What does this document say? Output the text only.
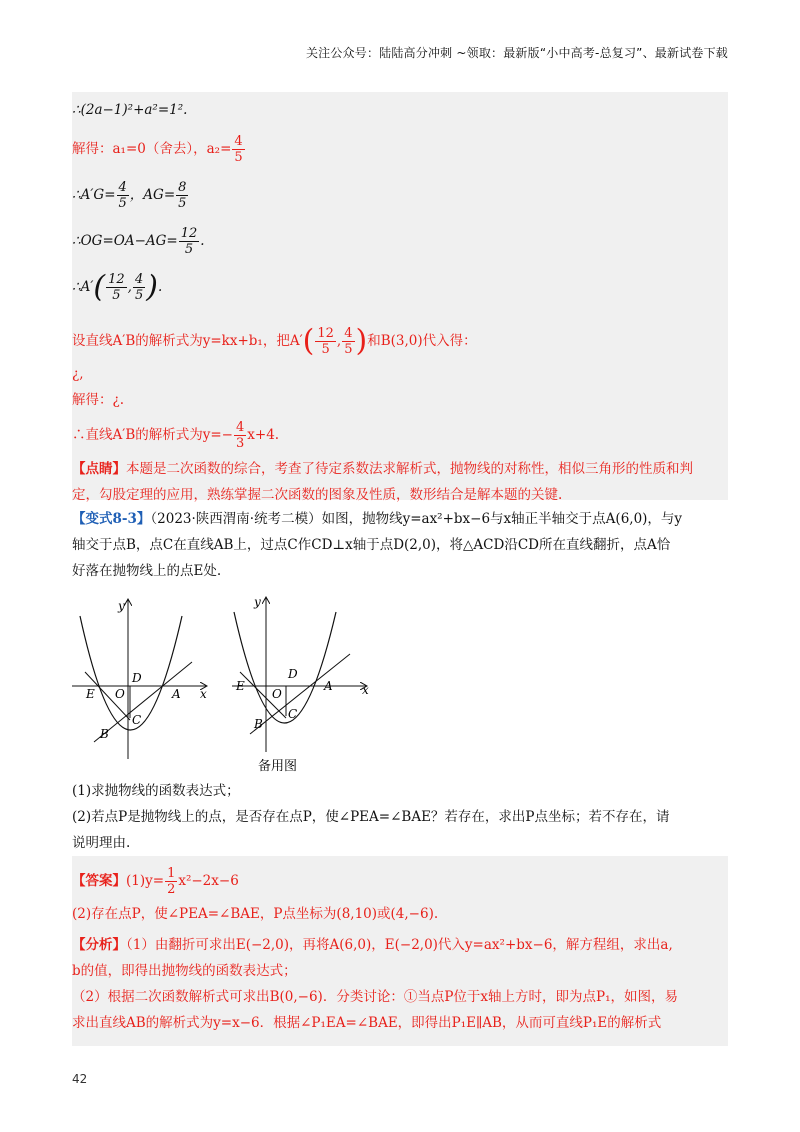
关注公众号：陆陆高分冲刺 ~领取：最新版“小中高考-总复习”、最新试卷下载
∴(2a−1)²+a²=1².
解得：a₁=0（舍去），$a_2= \frac{4}{5}$
∴A′G= $\frac{4}{5}$ ，$AG= \frac{8}{5}$
∴OG=OA−AG= $\frac{12}{5}$ .
∴A′( $\frac{12}{5}$ , $\frac{4}{5}$ ).
设直线A′B的解析式为y=kx+b₁，把$A'( \frac{12}{5}$ , $\frac{4}{5}$ )和B(3,0)代入得：
¿,
解得：¿.
∴直线A′B的解析式为$y=- \frac{4}{3} x+4$.
【点睛】本题是二次函数的综合，考查了待定系数法求解析式，抛物线的对称性，相似三角形的性质和判
定，勾股定理的应用，熟练掌握二次函数的图象及性质，数形结合是解本题的关键.
【变式8-3】（2023·陕西渭南·统考二模）如图，抛物线y=ax²+bx−6与x轴正半轴交于点A(6,0)，与y
轴交于点B，点C在直线AB上，过点C作CD⊥x轴于点D(2,0)，将△ACD沿CD所在直线翻折，点A恰
好落在抛物线上的点E处.
y
x
O	A
B
C
D
E
y
x
O
A
B
C
D
E
备用图
(1)求抛物线的函数表达式；
(2)若点P是抛物线上的点，是否存在点P，使∠PEA=∠BAE？若存在，求出P点坐标；若不存在，请
说明理由.
【答案】$(1)y= \frac{1}{2} x^2-2x-6$
(2)存在点P，使∠PEA=∠BAE，P点坐标为(8,10)或(4,−6).
【分析】（1）由翻折可求出E(−2,0)，再将A(6,0)，E(−2,0)代入y=ax²+bx−6，解方程组，求出a,
b的值，即得出抛物线的函数表达式；
（2）根据二次函数解析式可求出B(0,−6)．分类讨论：①当点P位于x轴上方时，即为点P₁，如图，易
求出直线AB的解析式为y=x−6．根据∠P₁EA=∠BAE，即得出P₁E∥AB，从而可直线P₁E的解析式
42
